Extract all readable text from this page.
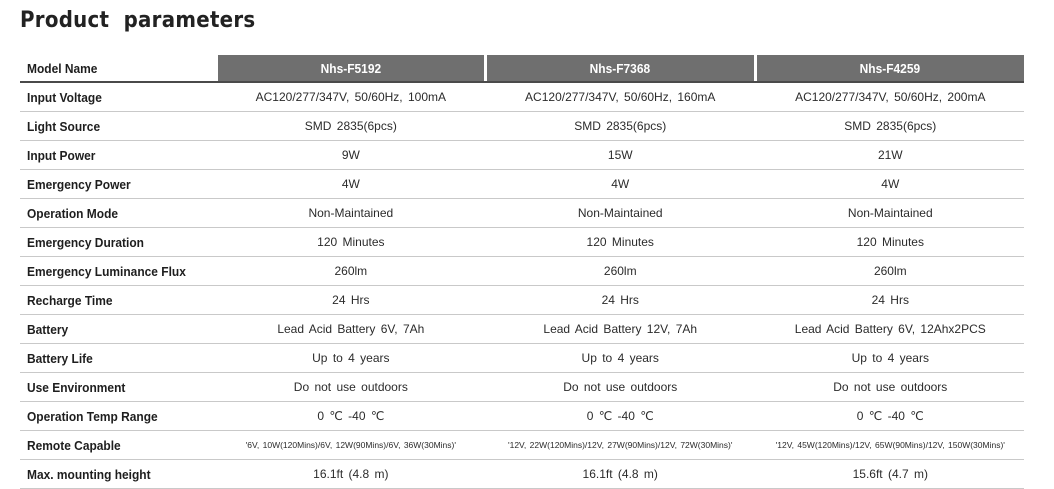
Product parameters
Model Name	Nhs-F5192		Nhs-F7368		Nhs-F4259
Input Voltage	AC120/277/347V, 50/60Hz, 100mA		AC120/277/347V, 50/60Hz, 160mA		AC120/277/347V, 50/60Hz, 200mA
Light Source	SMD 2835(6pcs)		SMD 2835(6pcs)		SMD 2835(6pcs)
Input Power	9W		15W		21W
Emergency Power	4W		4W		4W
Operation Mode	Non-Maintained		Non-Maintained		Non-Maintained
Emergency Duration	120 Minutes		120 Minutes		120 Minutes
Emergency Luminance Flux	260lm		260lm		260lm
Recharge Time	24 Hrs		24 Hrs		24 Hrs
Battery	Lead Acid Battery 6V, 7Ah		Lead Acid Battery 12V, 7Ah		Lead Acid Battery 6V, 12Ahx2PCS
Battery Life	Up to 4 years		Up to 4 years		Up to 4 years
Use Environment	Do not use outdoors		Do not use outdoors		Do not use outdoors
Operation Temp Range	0 ℃ -40 ℃		0 ℃ -40 ℃		0 ℃ -40 ℃
Remote Capable	'6V, 10W(120Mins)/6V, 12W(90Mins)/6V, 36W(30Mins)'		'12V, 22W(120Mins)/12V, 27W(90Mins)/12V, 72W(30Mins)'		'12V, 45W(120Mins)/12V, 65W(90Mins)/12V, 150W(30Mins)'
Max. mounting height	16.1ft (4.8 m)		16.1ft (4.8 m)		15.6ft (4.7 m)
